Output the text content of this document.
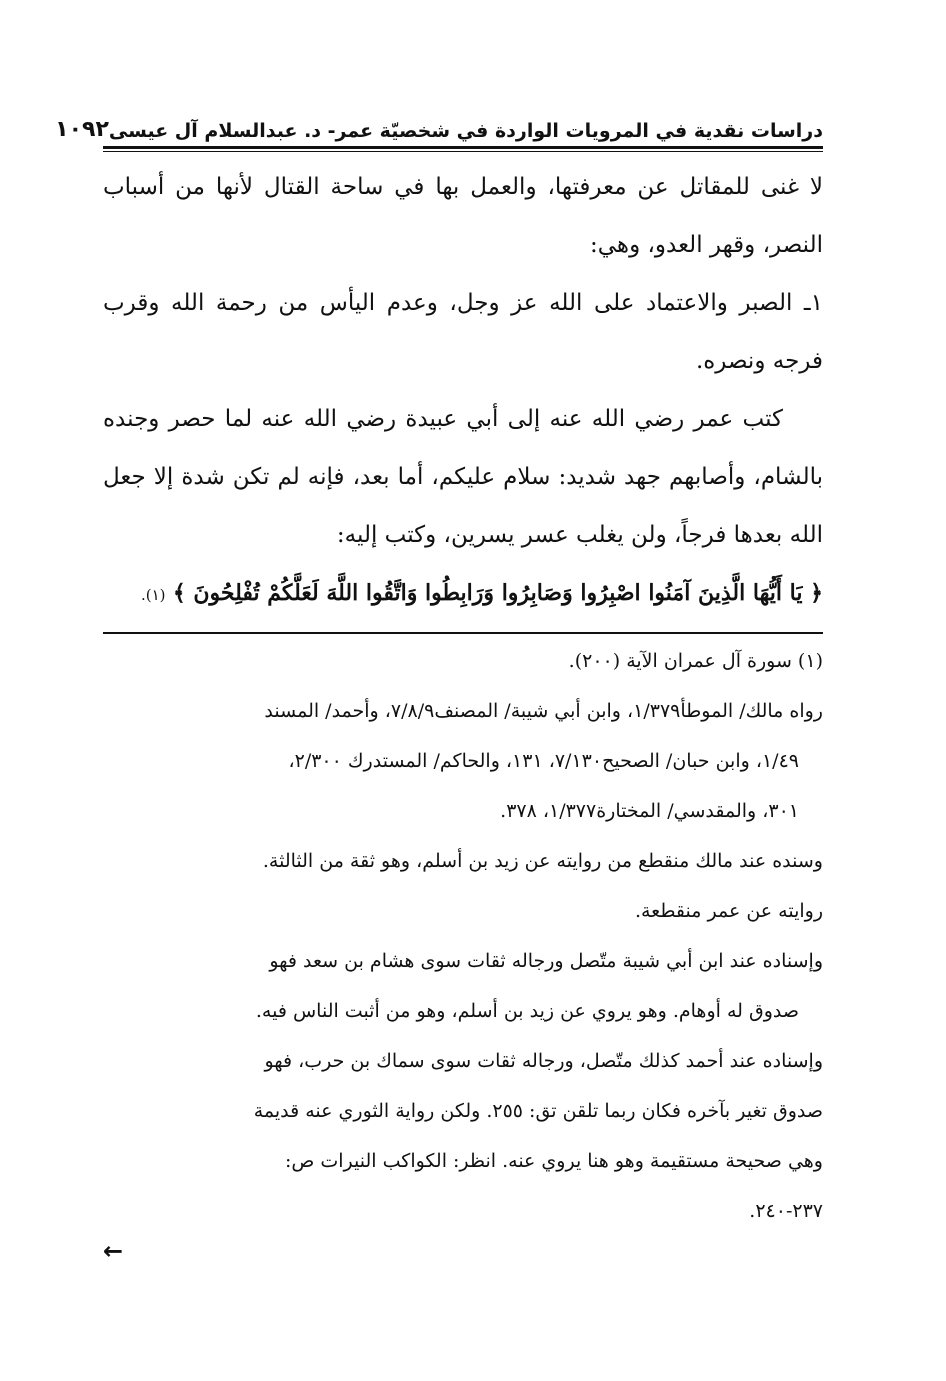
دراسات نقدية في المرويات الواردة في شخصيّة عمر- د. عبدالسلام آل عيسى
١٠٩٢

لا غنى للمقاتل عن معرفتها، والعمل بها في ساحة القتال لأنها من أسباب النصر، وقهر العدو، وهي:

١ـ الصبر والاعتماد على الله عز وجل، وعدم اليأس من رحمة الله وقرب فرجه ونصره.

كتب عمر رضي الله عنه إلى أبي عبيدة رضي الله عنه لما حصر وجنده بالشام، وأصابهم جهد شديد: سلام عليكم، أما بعد، فإنه لم تكن شدة إلا جعل الله بعدها فرجاً، ولن يغلب عسر يسرين، وكتب إليه:

﴿ يَا أَيُّهَا الَّذِينَ آمَنُوا اصْبِرُوا وَصَابِرُوا وَرَابِطُوا وَاتَّقُوا اللَّهَ لَعَلَّكُمْ تُفْلِحُونَ ﴾ (١).

(١) سورة آل عمران الآية (٢٠٠).

رواه مالك/ الموطأ١/٣٧٩، وابن أبي شيبة/ المصنف٧/٨/٩، وأحمد/ المسند

١/٤٩، وابن حبان/ الصحيح٧/١٣٠، ١٣١، والحاكم/ المستدرك ٢/٣٠٠،

٣٠١، والمقدسي/ المختارة١/٣٧٧، ٣٧٨.

وسنده عند مالك منقطع من روايته عن زيد بن أسلم، وهو ثقة من الثالثة.

روايته عن عمر منقطعة.

وإسناده عند ابن أبي شيبة متّصل ورجاله ثقات سوى هشام بن سعد فهو

صدوق له أوهام. وهو يروي عن زيد بن أسلم، وهو من أثبت الناس فيه.

وإسناده عند أحمد كذلك متّصل، ورجاله ثقات سوى سماك بن حرب، فهو

صدوق تغير بآخره فكان ربما تلقن تق: ٢٥٥. ولكن رواية الثوري عنه قديمة

وهي صحيحة مستقيمة وهو هنا يروي عنه. انظر: الكواكب النيرات ص:

٢٣٧-٢٤٠.

←
